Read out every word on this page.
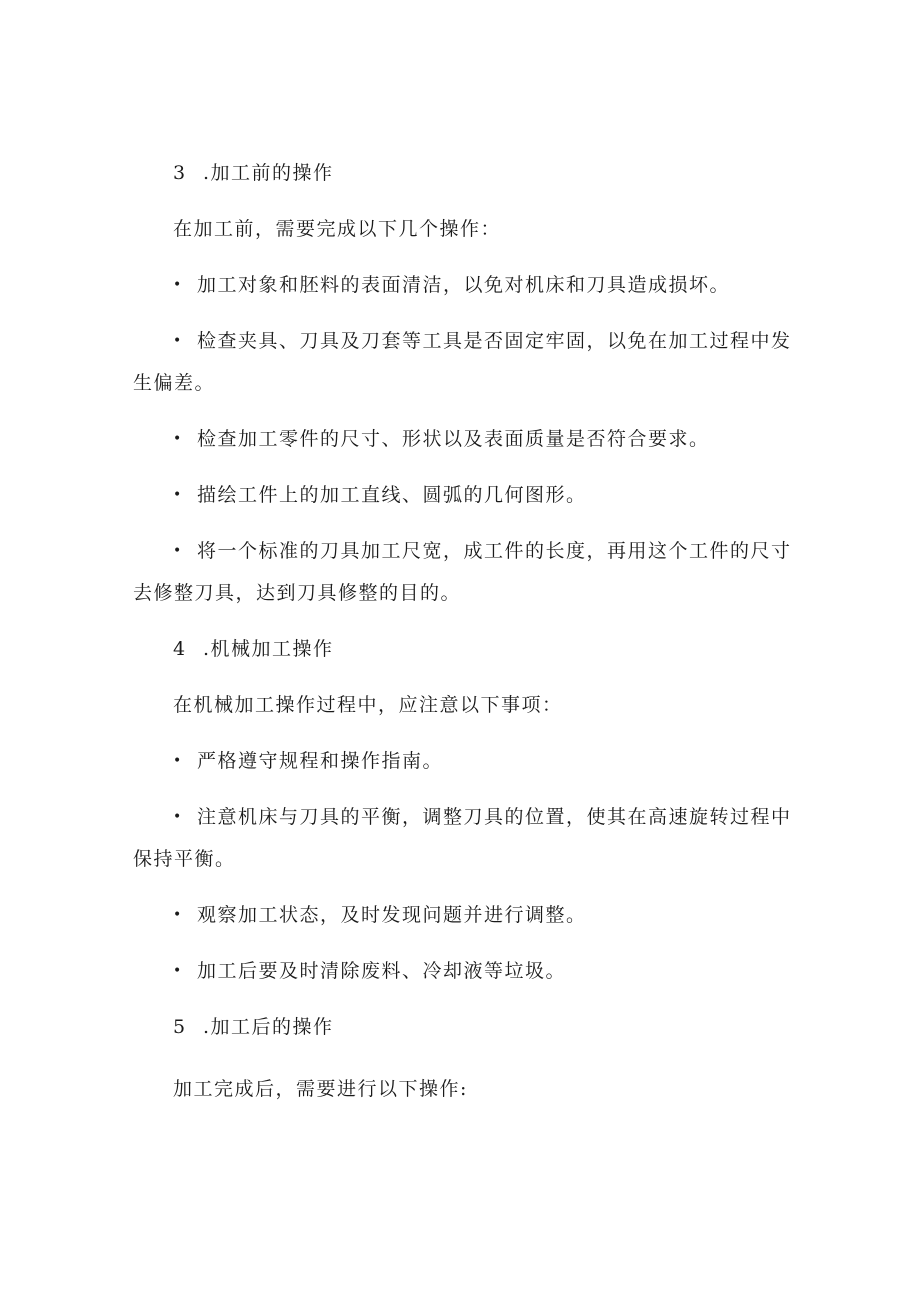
3 .加工前的操作
在加工前，需要完成以下几个操作：
• 加工对象和胚料的表面清洁，以免对机床和刀具造成损坏。
• 检查夹具、刀具及刀套等工具是否固定牢固，以免在加工过程中发
生偏差。
• 检查加工零件的尺寸、形状以及表面质量是否符合要求。
• 描绘工件上的加工直线、圆弧的几何图形。
• 将一个标准的刀具加工尺宽，成工件的长度，再用这个工件的尺寸
去修整刀具，达到刀具修整的目的。
4 .机械加工操作
在机械加工操作过程中，应注意以下事项：
• 严格遵守规程和操作指南。
• 注意机床与刀具的平衡，调整刀具的位置，使其在高速旋转过程中
保持平衡。
• 观察加工状态，及时发现问题并进行调整。
• 加工后要及时清除废料、冷却液等垃圾。
5 .加工后的操作
加工完成后，需要进行以下操作:
